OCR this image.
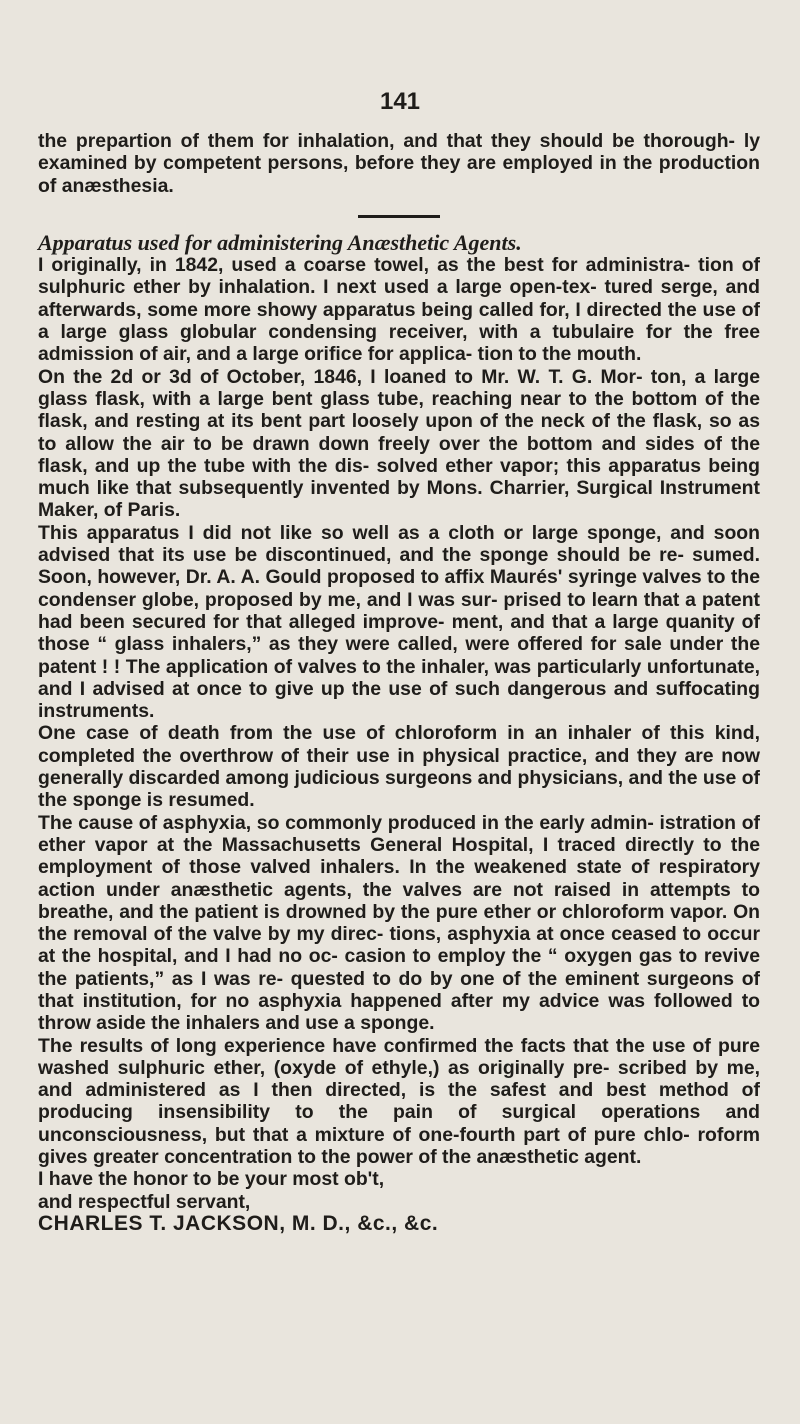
141

the prepartion of them for inhalation, and that they should be thorough- ly examined by competent persons, before they are employed in the production of anæsthesia.

Apparatus used for administering Anæsthetic Agents.

I originally, in 1842, used a coarse towel, as the best for administra- tion of sulphuric ether by inhalation. I next used a large open-tex- tured serge, and afterwards, some more showy apparatus being called for, I directed the use of a large glass globular condensing receiver, with a tubulaire for the free admission of air, and a large orifice for applica- tion to the mouth.

On the 2d or 3d of October, 1846, I loaned to Mr. W. T. G. Mor- ton, a large glass flask, with a large bent glass tube, reaching near to the bottom of the flask, and resting at its bent part loosely upon of the neck of the flask, so as to allow the air to be drawn down freely over the bottom and sides of the flask, and up the tube with the dis- solved ether vapor; this apparatus being much like that subsequently invented by Mons. Charrier, Surgical Instrument Maker, of Paris.

This apparatus I did not like so well as a cloth or large sponge, and soon advised that its use be discontinued, and the sponge should be re- sumed. Soon, however, Dr. A. A. Gould proposed to affix Maurés' syringe valves to the condenser globe, proposed by me, and I was sur- prised to learn that a patent had been secured for that alleged improve- ment, and that a large quanity of those “ glass inhalers,” as they were called, were offered for sale under the patent ! ! The application of valves to the inhaler, was particularly unfortunate, and I advised at once to give up the use of such dangerous and suffocating instruments.

One case of death from the use of chloroform in an inhaler of this kind, completed the overthrow of their use in physical practice, and they are now generally discarded among judicious surgeons and physicians, and the use of the sponge is resumed.

The cause of asphyxia, so commonly produced in the early admin- istration of ether vapor at the Massachusetts General Hospital, I traced directly to the employment of those valved inhalers. In the weakened state of respiratory action under anæsthetic agents, the valves are not raised in attempts to breathe, and the patient is drowned by the pure ether or chloroform vapor. On the removal of the valve by my direc- tions, asphyxia at once ceased to occur at the hospital, and I had no oc- casion to employ the “ oxygen gas to revive the patients,” as I was re- quested to do by one of the eminent surgeons of that institution, for no asphyxia happened after my advice was followed to throw aside the inhalers and use a sponge.

The results of long experience have confirmed the facts that the use of pure washed sulphuric ether, (oxyde of ethyle,) as originally pre- scribed by me, and administered as I then directed, is the safest and best method of producing insensibility to the pain of surgical operations and unconsciousness, but that a mixture of one-fourth part of pure chlo- roform gives greater concentration to the power of the anæsthetic agent.

I have the honor to be your most ob't,

and respectful servant,

CHARLES T. JACKSON, M. D., &c., &c.
